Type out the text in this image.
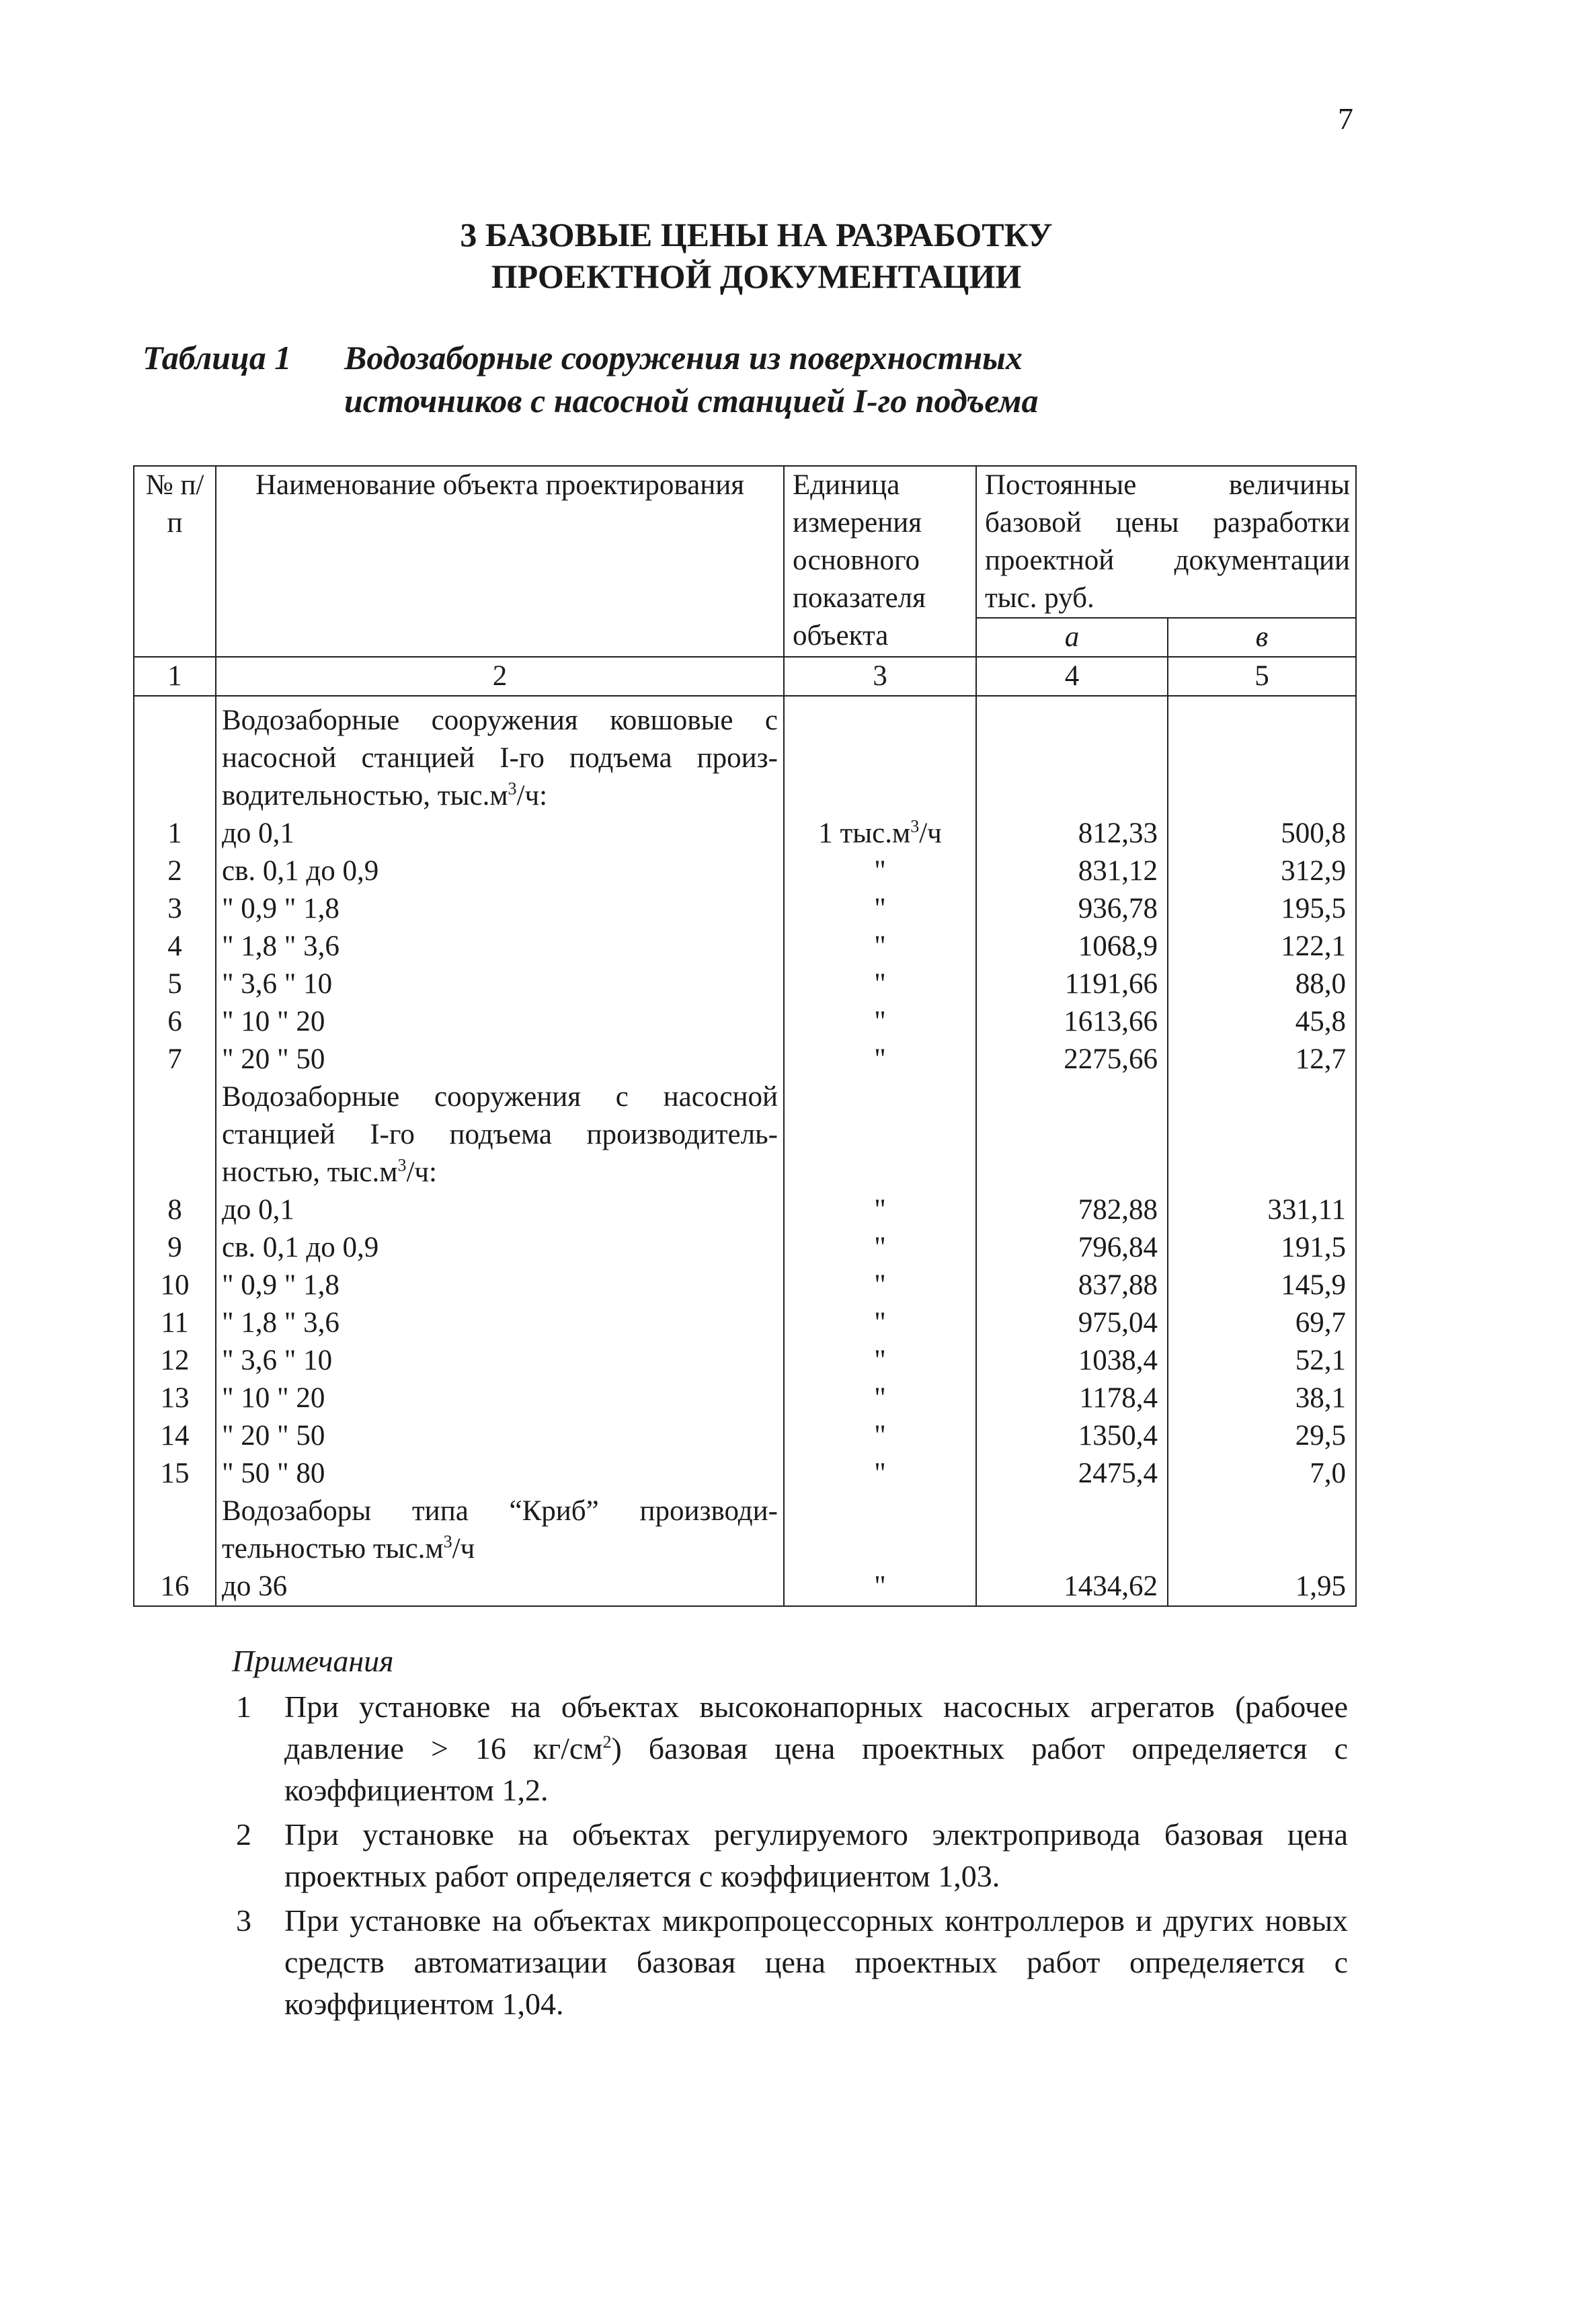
7
3 БАЗОВЫЕ ЦЕНЫ НА РАЗРАБОТКУ
ПРОЕКТНОЙ ДОКУМЕНТАЦИИ
Таблица 1 Водозаборные сооружения из поверхностных
источников с насосной станцией I-го подъема
№ п/п	Наименование объекта проектирования	Единица измерения основного показателя объекта	Постоянные величины базовой цены разработки проектной документации
тыс. руб.	

			а	в
1	2	3	4	5
	Водозаборные сооружения ковшовые с насосной станцией I-го подъема производительностью, $тыс.м^3/ч$:			
1	до 0,1	1 $тыс.м^3/ч$	812,33	500,8
2	св. 0,1 до 0,9	"	831,12	312,9
3	" 0,9 " 1,8	"	936,78	195,5
4	" 1,8 " 3,6	"	1068,9	122,1
5	" 3,6 " 10	"	1191,66	88,0
6	" 10 " 20	"	1613,66	45,8
7	" 20 " 50	"	2275,66	12,7
	Водозаборные сооружения с насосной станцией I-го подъема производительностью, $тыс.м^3/ч$:			
8	до 0,1	"	782,88	331,11
9	св. 0,1 до 0,9	"	796,84	191,5
10	" 0,9 " 1,8	"	837,88	145,9
11	" 1,8 " 3,6	"	975,04	69,7
12	" 3,6 " 10	"	1038,4	52,1
13	" 10 " 20	"	1178,4	38,1
14	" 20 " 50	"	1350,4	29,5
15	" 50 " 80	"	2475,4	7,0
	Водозаборы типа “Криб” производительностью $тыс.м^3/ч$			
16	до 36	"	1434,62	1,95
Примечания
1 При установке на объектах высоконапорных насосных агрегатов (рабочее давление > 16 $кг/см^2$) базовая цена проектных работ определяется с коэффициентом 1,2.
2 При установке на объектах регулируемого электропривода базовая цена проектных работ определяется с коэффициентом 1,03.
3 При установке на объектах микропроцессорных контроллеров и других новых средств автоматизации базовая цена проектных работ определяется с коэффициентом 1,04.
